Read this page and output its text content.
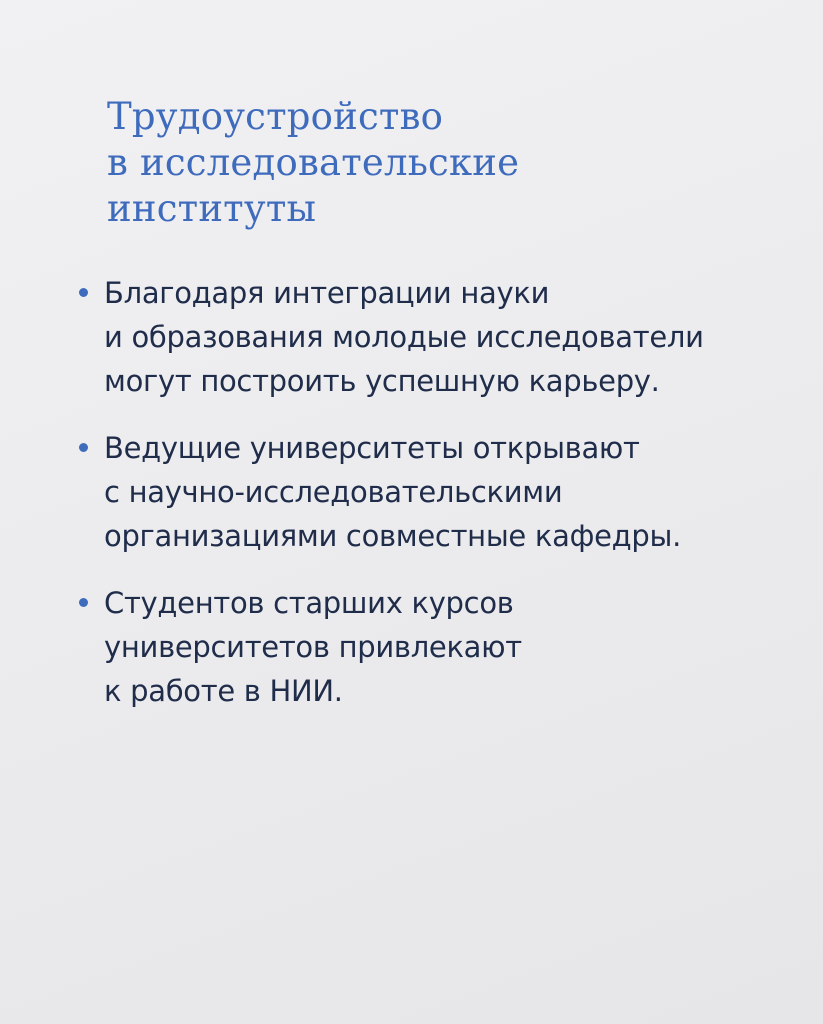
Трудоустройство
в исследовательские
институты
Благодаря интеграции науки
и образования молодые исследователи
могут построить успешную карьеру.
Ведущие университеты открывают
с научно-исследовательскими
организациями совместные кафедры.
Студентов старших курсов
университетов привлекают
к работе в НИИ.
